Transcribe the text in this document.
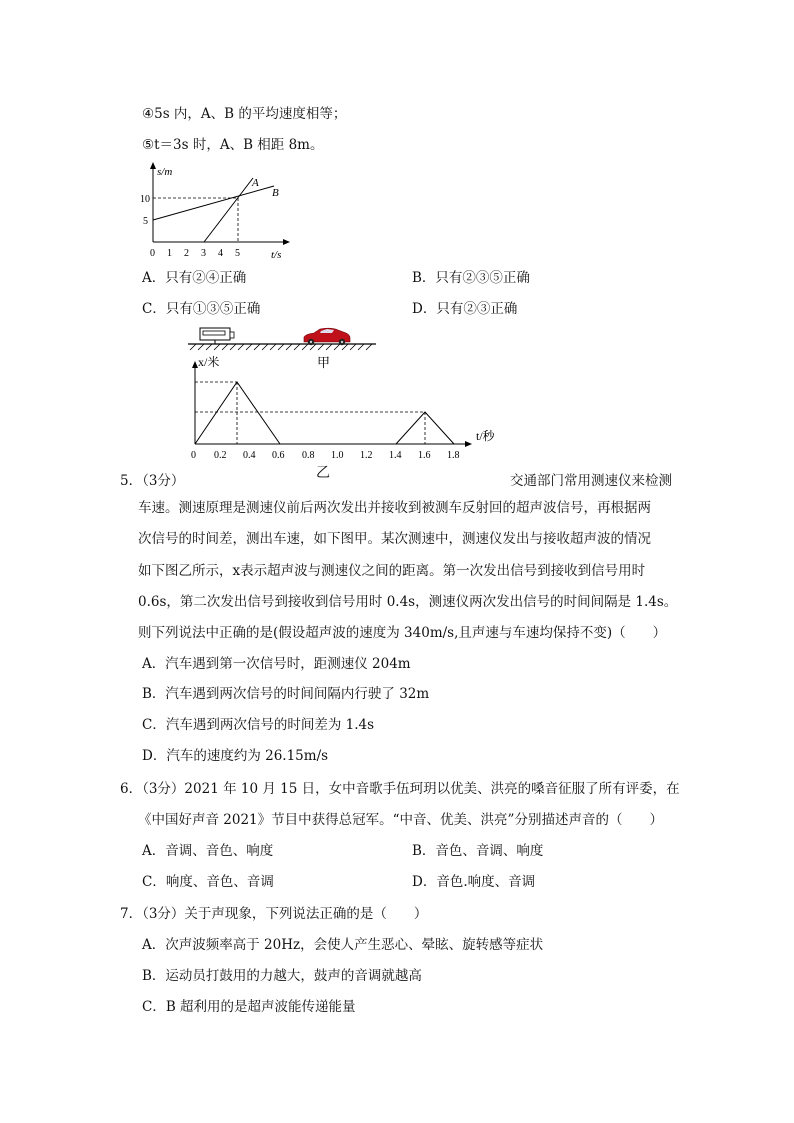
④5s 内，A、B 的平均速度相等；
⑤t＝3s 时，A、B 相距 8m。
s/m
t/s
A
B
10
5
0 1 2 3 4 5
A．只有②④正确	B．只有②③⑤正确
C．只有①③⑤正确	D．只有②③正确
甲
x/米
t/秒
0 0.2 0.4 0.6 0.8 1.0 1.2 1.4 1.6 1.8
乙
5．（3分）	交通部门常用测速仪来检测
车速。测速原理是测速仪前后两次发出并接收到被测车反射回的超声波信号，再根据两
次信号的时间差，测出车速，如下图甲。某次测速中，测速仪发出与接收超声波的情况
如下图乙所示，x表示超声波与测速仪之间的距离。第一次发出信号到接收到信号用时
0.6s，第二次发出信号到接收到信号用时 0.4s，测速仪两次发出信号的时间间隔是 1.4s。
则下列说法中正确的是(假设超声波的速度为 340m/s,且声速与车速均保持不变)（　　）
A．汽车遇到第一次信号时，距测速仪 204m
B．汽车遇到两次信号的时间间隔内行驶了 32m
C．汽车遇到两次信号的时间差为 1.4s
D．汽车的速度约为 26.15m/s
6．（3分）2021 年 10 月 15 日，女中音歌手伍珂玥以优美、洪亮的嗓音征服了所有评委，在
《中国好声音 2021》节目中获得总冠军。“中音、优美、洪亮”分别描述声音的（　　）
A．音调、音色、响度	B．音色、音调、响度
C．响度、音色、音调	D．音色.响度、音调
7．（3分）关于声现象，下列说法正确的是（　　）
A．次声波频率高于 20Hz，会使人产生恶心、晕眩、旋转感等症状
B．运动员打鼓用的力越大，鼓声的音调就越高
C．B 超利用的是超声波能传递能量
